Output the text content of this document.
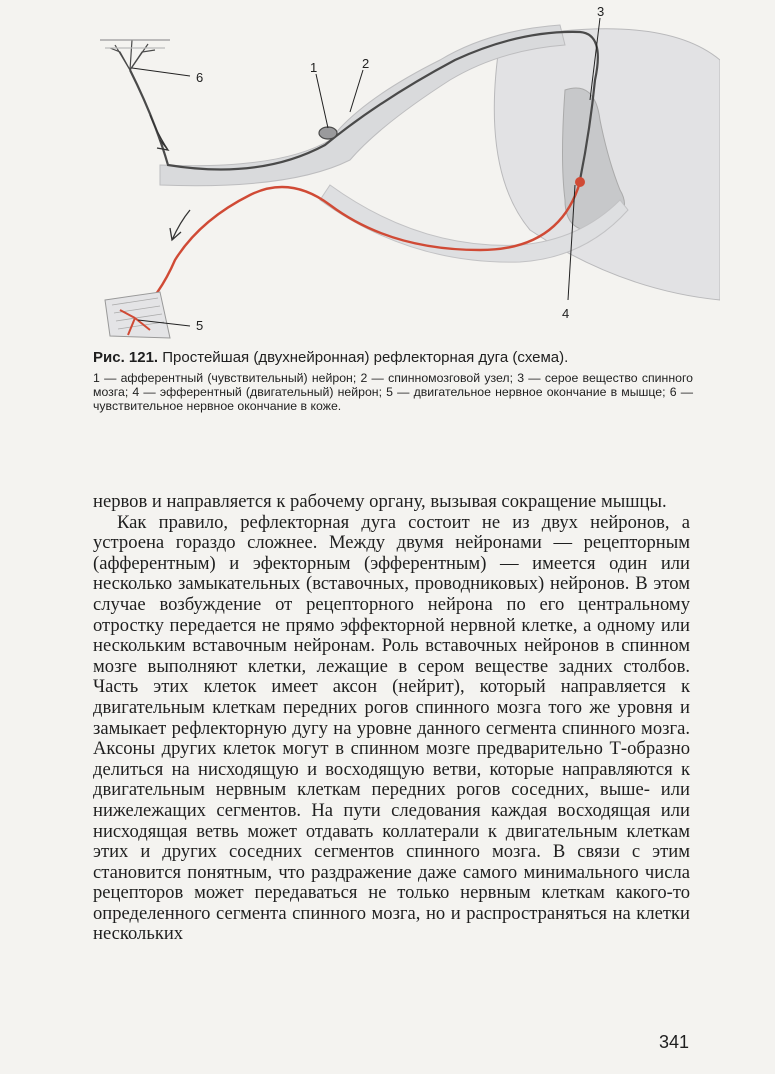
1	2
3
4
5
6

Рис. 121. Простейшая (двухнейронная) рефлекторная дуга (схема).

1 — афферентный (чувствительный) нейрон; 2 — спинномозговой узел; 3 — серое вещество спинного мозга; 4 — эфферентный (двигательный) нейрон; 5 — двигательное нервное окончание в мышце; 6 — чувствительное нервное окончание в коже.

нервов и направляется к рабочему органу, вызывая сокращение мышцы.

Как правило, рефлекторная дуга состоит не из двух нейронов, а устроена гораздо сложнее. Между двумя нейронами — рецепторным (афферентным) и эфекторным (эфферентным) — имеется один или несколько замыкательных (вставочных, проводниковых) нейронов. В этом случае возбуждение от рецепторного нейрона по его центральному отростку передается не прямо эффекторной нервной клетке, а одному или нескольким вставочным нейронам. Роль вставочных нейронов в спинном мозге выполняют клетки, лежащие в сером веществе задних столбов. Часть этих клеток имеет аксон (нейрит), который направляется к двигательным клеткам передних рогов спинного мозга того же уровня и замыкает рефлекторную дугу на уровне данного сегмента спинного мозга. Аксоны других клеток могут в спинном мозге предварительно Т-образно делиться на нисходящую и восходящую ветви, которые направляются к двигательным нервным клеткам передних рогов соседних, выше- или нижележащих сегментов. На пути следования каждая восходящая или нисходящая ветвь может отдавать коллатерали к двигательным клеткам этих и других соседних сегментов спинного мозга. В связи с этим становится понятным, что раздражение даже самого минимального числа рецепторов может передаваться не только нервным клеткам какого-то определенного сегмента спинного мозга, но и распространяться на клетки нескольких

341
